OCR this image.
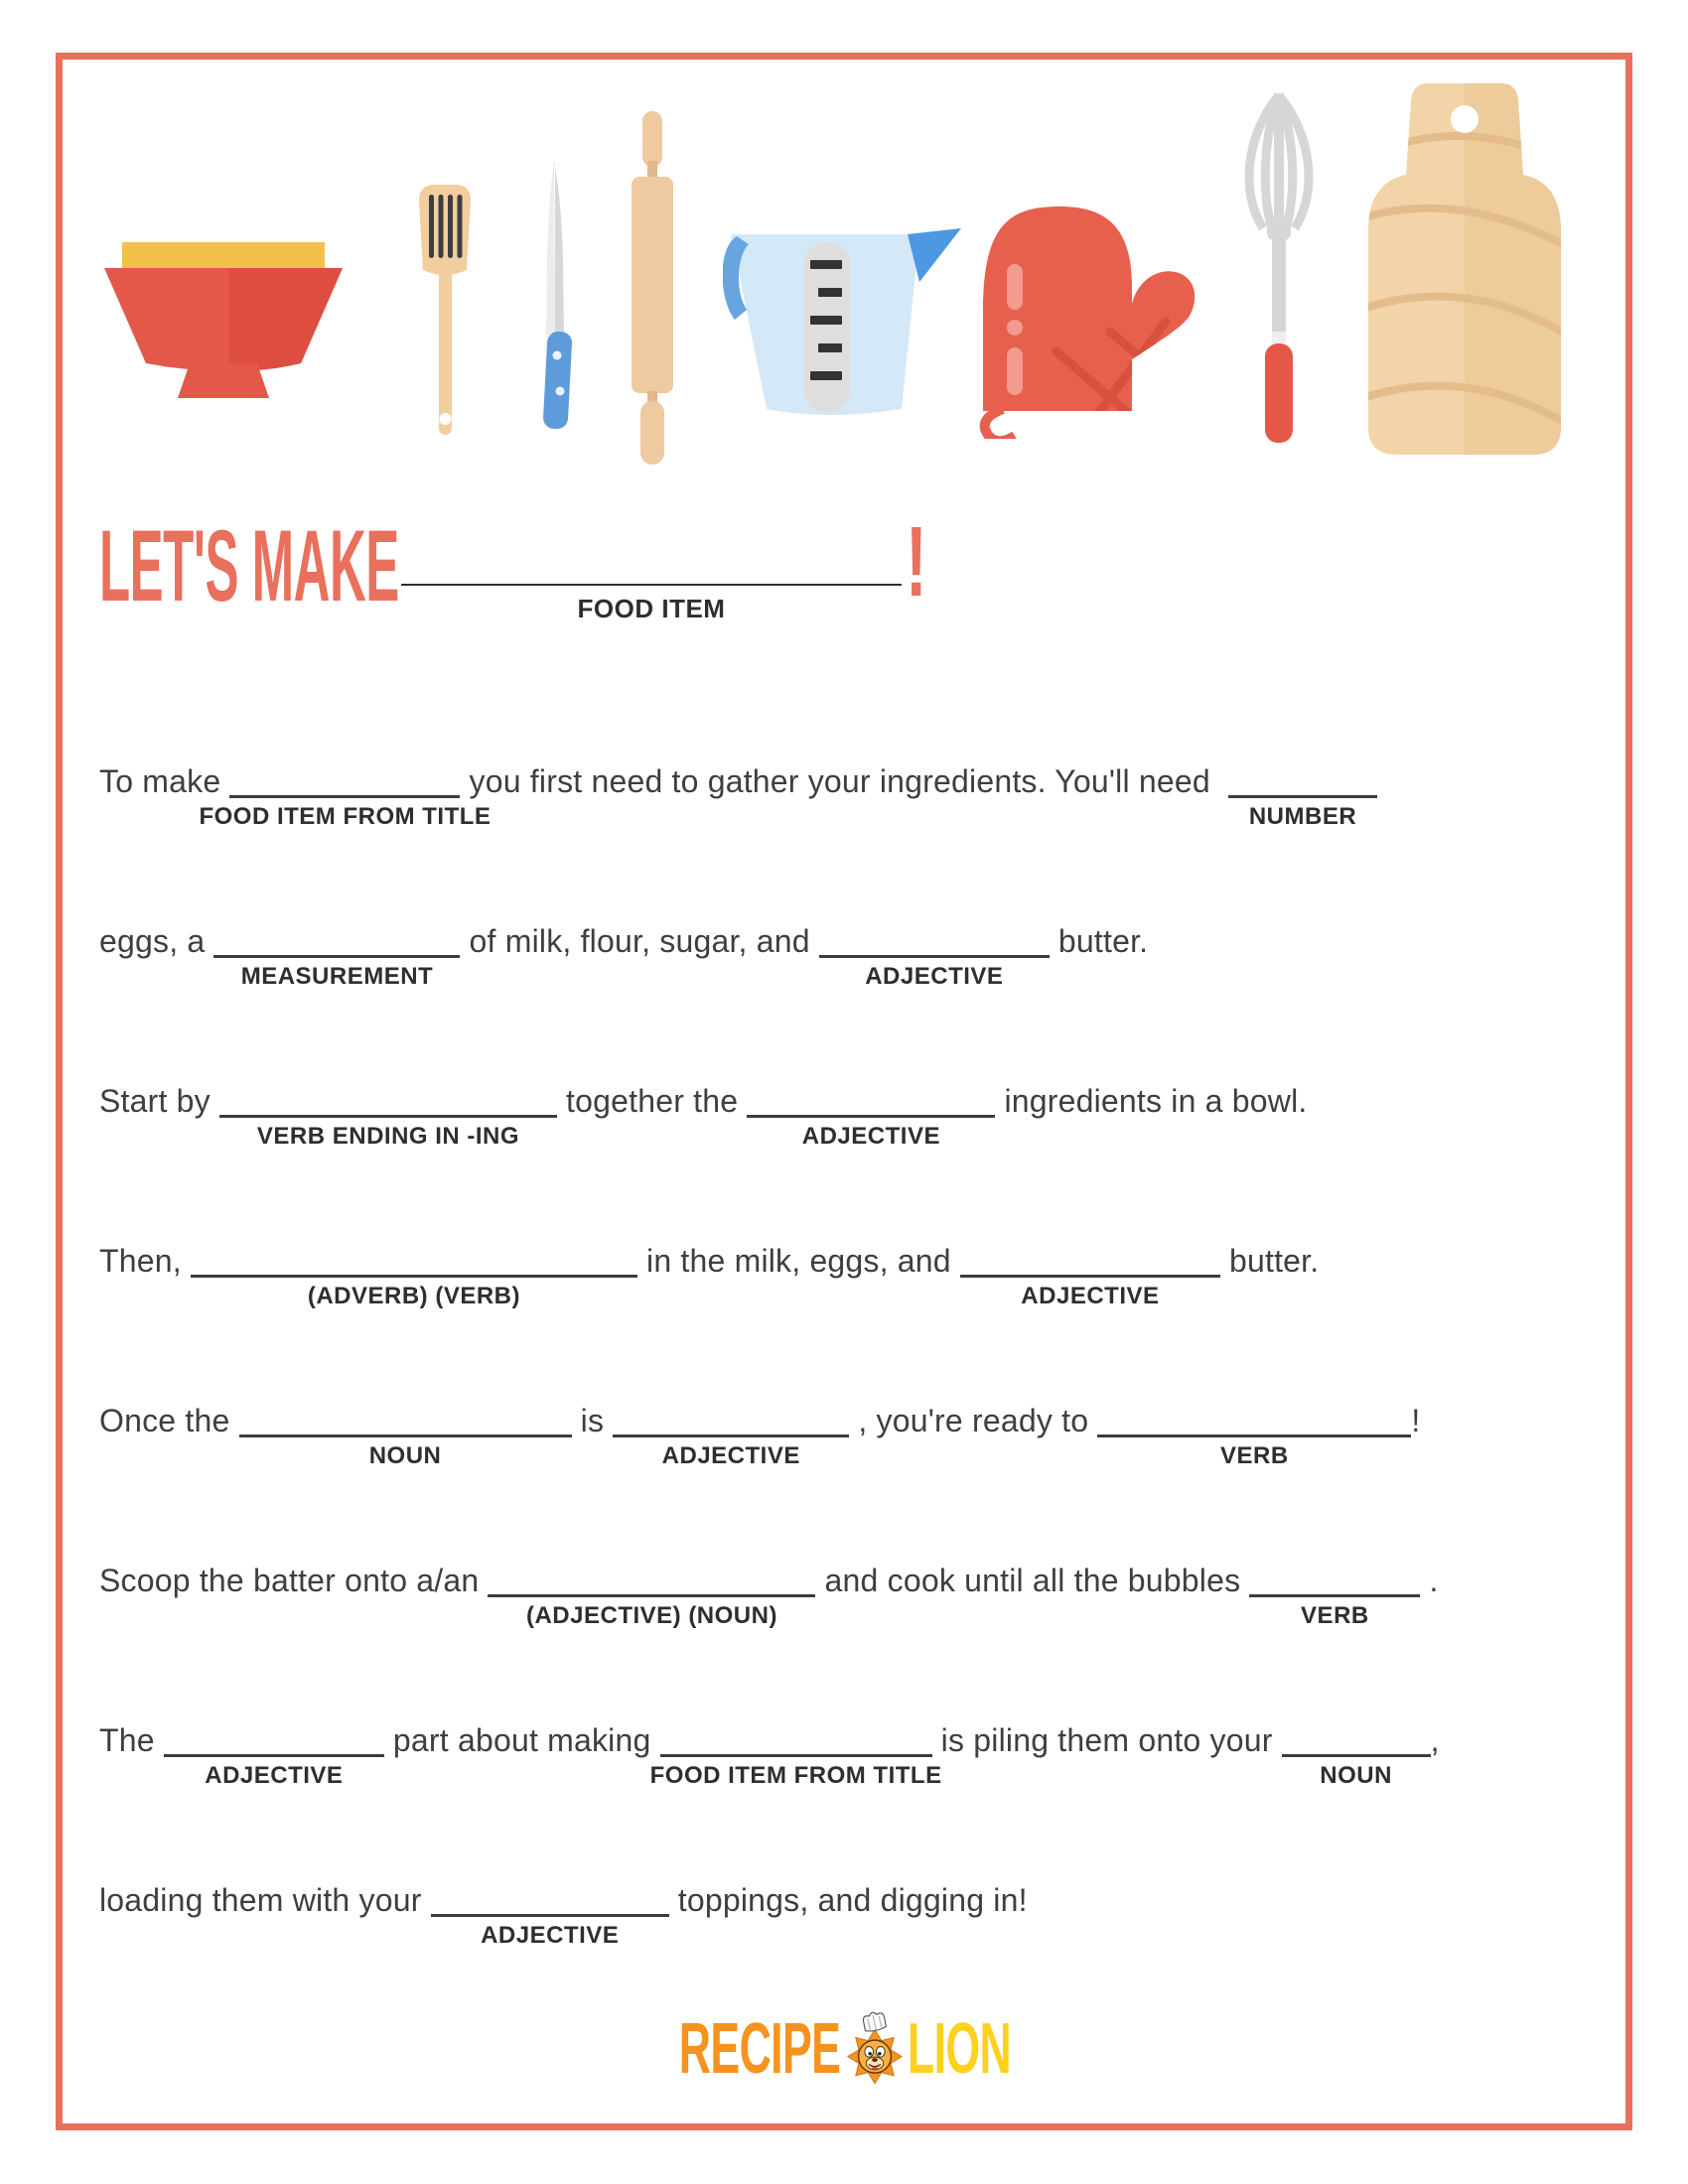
LET'S MAKE	FOOD ITEM !
To make
FOOD ITEM FROM TITLE
you first need to gather your ingredients. You'll need
NUMBER
eggs, a
MEASUREMENT
of milk, flour, sugar, and
ADJECTIVE
butter.
Start by
VERB ENDING IN -ING
together the
ADJECTIVE
ingredients in a bowl.
Then,
(ADVERB) (VERB)
in the milk, eggs, and
ADJECTIVE
butter.
Once the
NOUN
is
ADJECTIVE
, you're ready to
VERB
!
Scoop the batter onto a/an
(ADJECTIVE) (NOUN)
and cook until all the bubbles
VERB
.
The
ADJECTIVE
part about making
FOOD ITEM FROM TITLE
is piling them onto your
NOUN
,
loading them with your
ADJECTIVE
toppings, and digging in!
RECIPE LION
